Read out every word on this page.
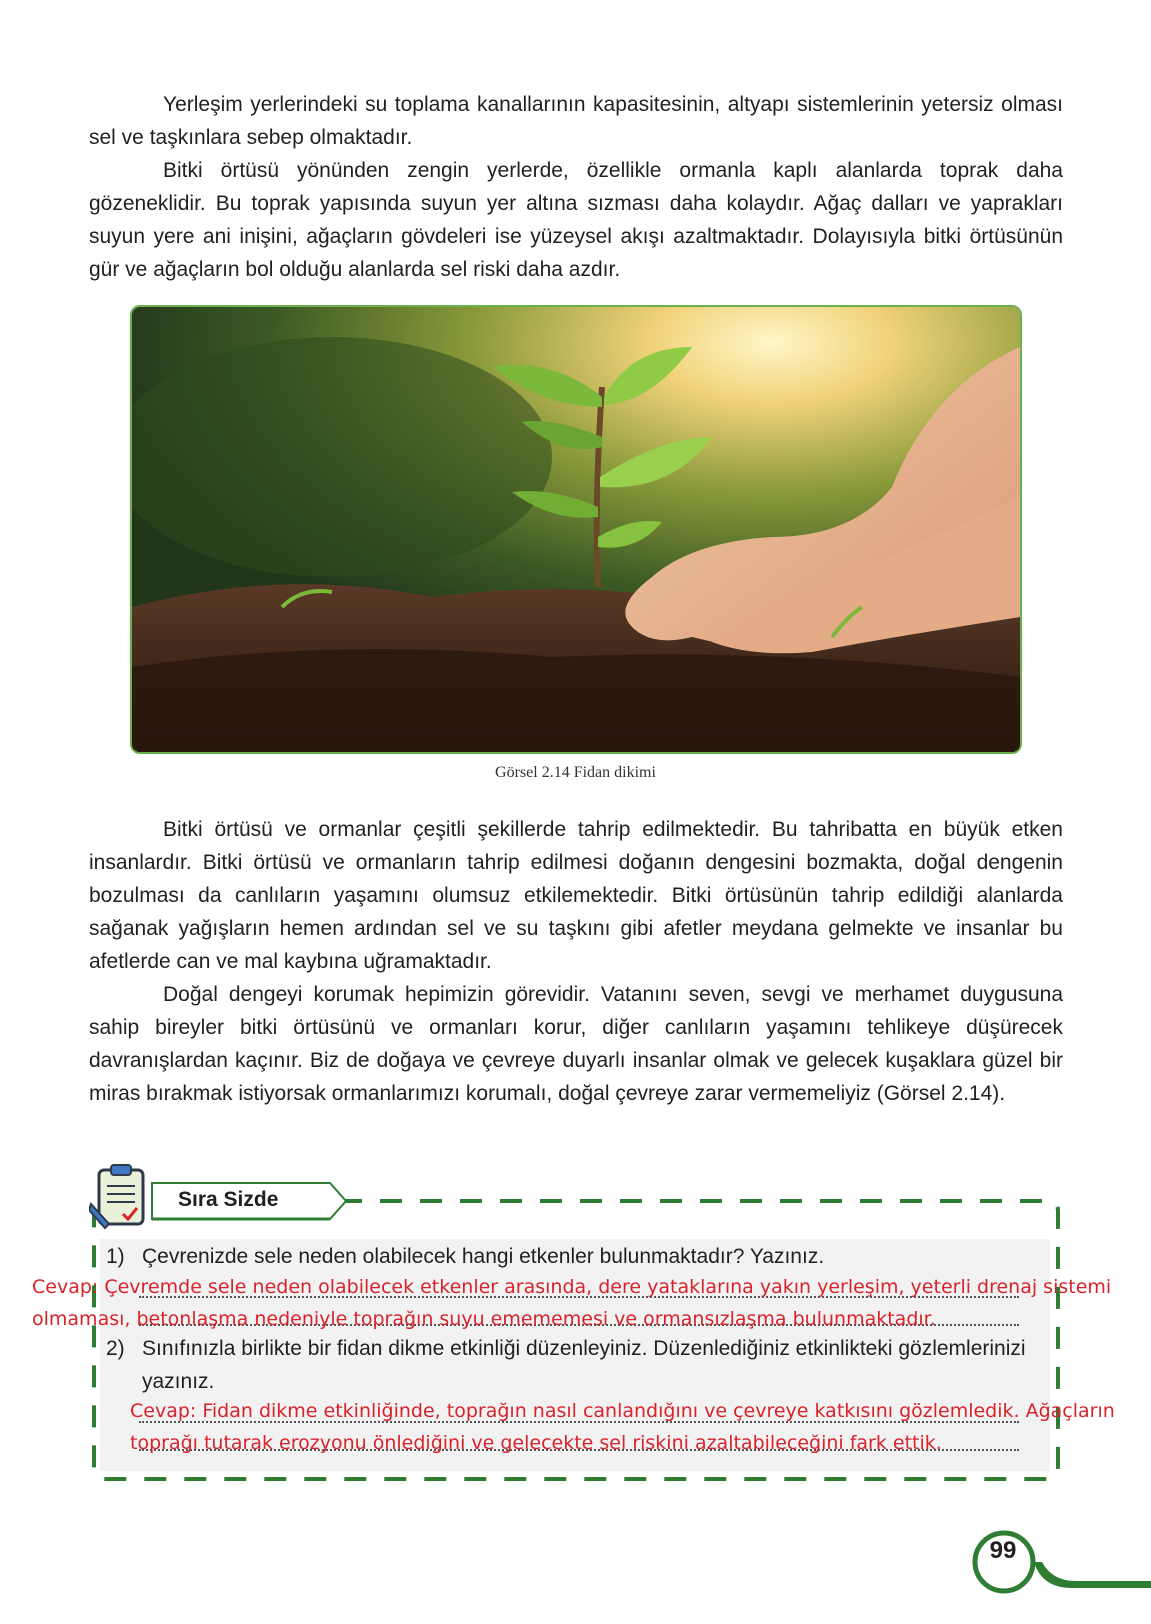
Yerleşim yerlerindeki su toplama kanallarının kapasitesinin, altyapı sistemlerinin yetersiz olması sel ve taşkınlara sebep olmaktadır.

Bitki örtüsü yönünden zengin yerlerde, özellikle ormanla kaplı alanlarda toprak daha gözeneklidir. Bu toprak yapısında suyun yer altına sızması daha kolaydır. Ağaç dalları ve yaprakları suyun yere ani inişini, ağaçların gövdeleri ise yüzeysel akışı azaltmaktadır. Dolayısıyla bitki örtüsünün gür ve ağaçların bol olduğu alanlarda sel riski daha azdır.

Görsel 2.14 Fidan dikimi

Bitki örtüsü ve ormanlar çeşitli şekillerde tahrip edilmektedir. Bu tahribatta en büyük etken insanlardır. Bitki örtüsü ve ormanların tahrip edilmesi doğanın dengesini bozmakta, doğal dengenin bozulması da canlıların yaşamını olumsuz etkilemektedir. Bitki örtüsünün tahrip edildiği alanlarda sağanak yağışların hemen ardından sel ve su taşkını gibi afetler meydana gelmekte ve insanlar bu afetlerde can ve mal kaybına uğramaktadır.

Doğal dengeyi korumak hepimizin görevidir. Vatanını seven, sevgi ve merhamet duygusuna sahip bireyler bitki örtüsünü ve ormanları korur, diğer canlıların yaşamını tehlikeye düşürecek davranışlardan kaçınır. Biz de doğaya ve çevreye duyarlı insanlar olmak ve gelecek kuşaklara güzel bir miras bırakmak istiyorsak ormanlarımızı korumalı, doğal çevreye zarar vermemeliyiz (Görsel 2.14).

Sıra Sizde
1) Çevrenizde sele neden olabilecek hangi etkenler bulunmaktadır? Yazınız.
Cevap: Çevremde sele neden olabilecek etkenler arasında, dere yataklarına yakın yerleşim, yeterli drenaj sistemi
olmaması, betonlaşma nedeniyle toprağın suyu emememesi ve ormansızlaşma bulunmaktadır.
2) Sınıfınızla birlikte bir fidan dikme etkinliği düzenleyiniz. Düzenlediğiniz etkinlikteki gözlemlerinizi yazınız.
Cevap: Fidan dikme etkinliğinde, toprağın nasıl canlandığını ve çevreye katkısını gözlemledik. Ağaçların
toprağı tutarak erozyonu önlediğini ve gelecekte sel riskini azaltabileceğini fark ettik.
99
